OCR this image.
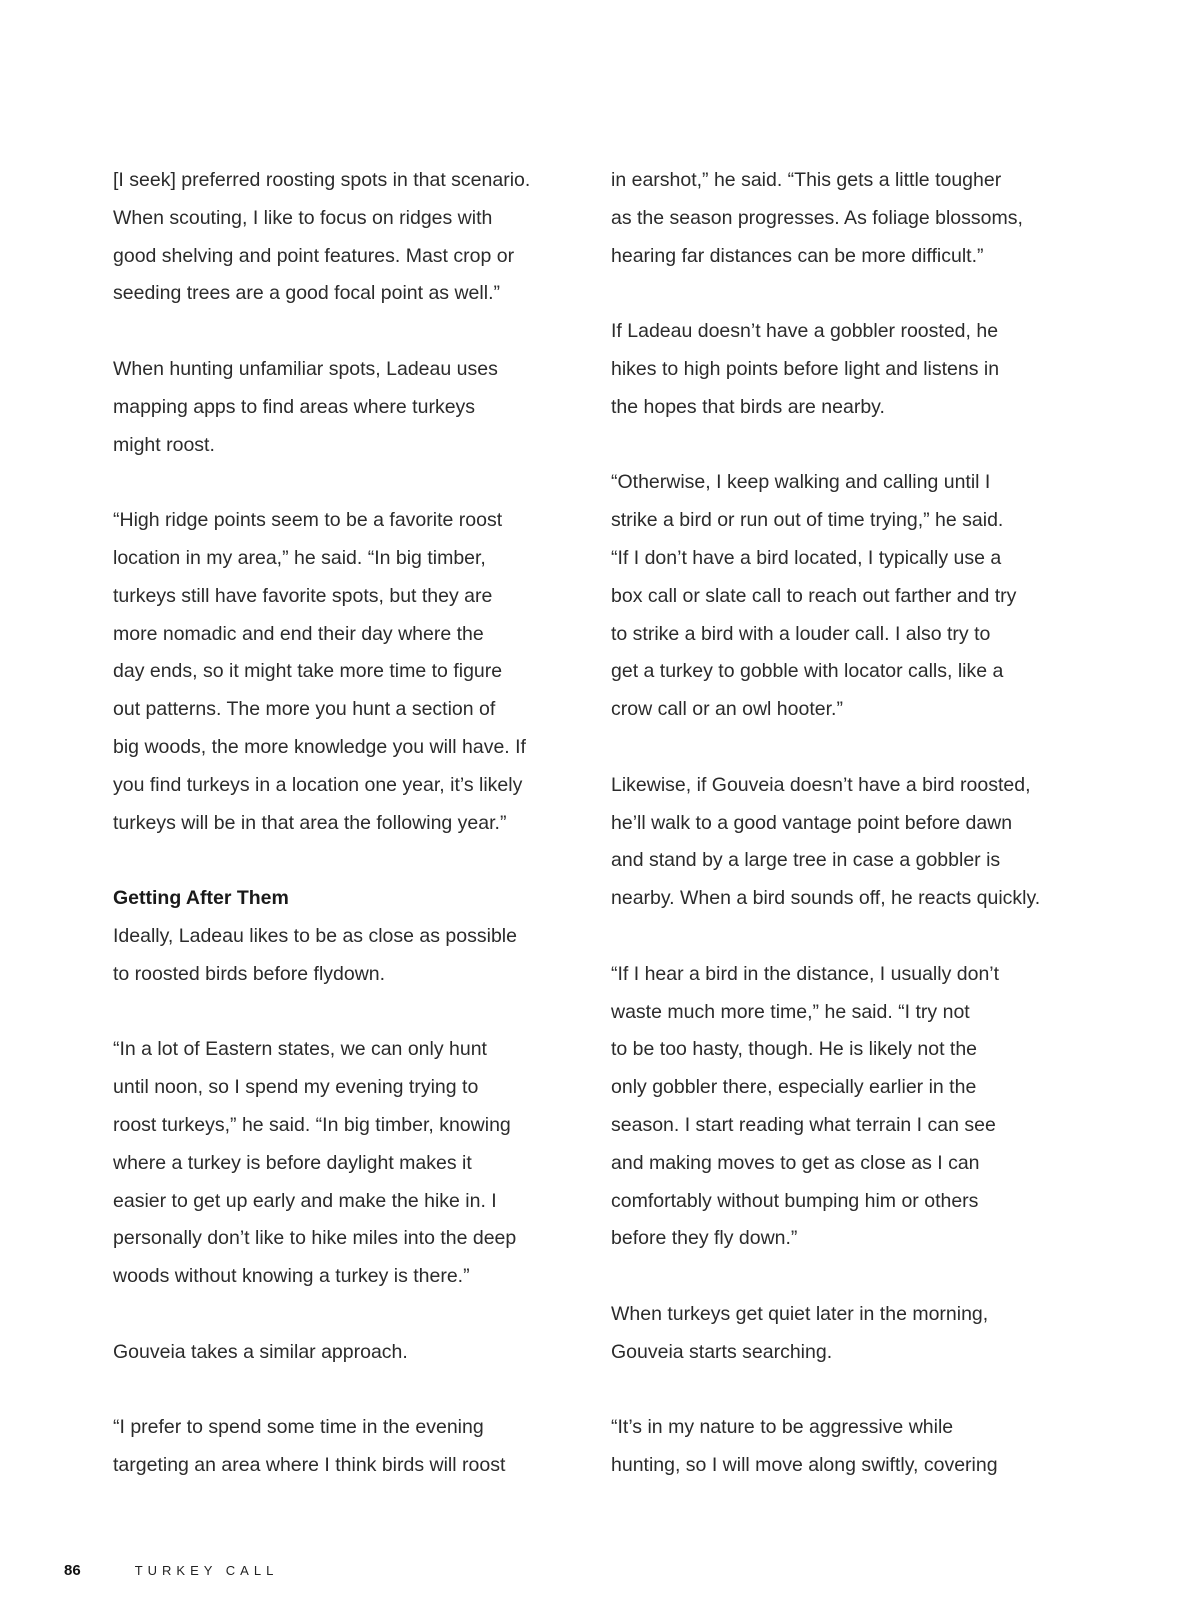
[I seek] preferred roosting spots in that scenario.
When scouting, I like to focus on ridges with
good shelving and point features. Mast crop or
seeding trees are a good focal point as well.”
When hunting unfamiliar spots, Ladeau uses
mapping apps to find areas where turkeys
might roost.
“High ridge points seem to be a favorite roost
location in my area,” he said. “In big timber,
turkeys still have favorite spots, but they are
more nomadic and end their day where the
day ends, so it might take more time to figure
out patterns. The more you hunt a section of
big woods, the more knowledge you will have. If
you find turkeys in a location one year, it’s likely
turkeys will be in that area the following year.”
Getting After Them
Ideally, Ladeau likes to be as close as possible
to roosted birds before flydown.
“In a lot of Eastern states, we can only hunt
until noon, so I spend my evening trying to
roost turkeys,” he said. “In big timber, knowing
where a turkey is before daylight makes it
easier to get up early and make the hike in. I
personally don’t like to hike miles into the deep
woods without knowing a turkey is there.”
Gouveia takes a similar approach.
“I prefer to spend some time in the evening
targeting an area where I think birds will roost
in earshot,” he said. “This gets a little tougher
as the season progresses. As foliage blossoms,
hearing far distances can be more difficult.”
If Ladeau doesn’t have a gobbler roosted, he
hikes to high points before light and listens in
the hopes that birds are nearby.
“Otherwise, I keep walking and calling until I
strike a bird or run out of time trying,” he said.
“If I don’t have a bird located, I typically use a
box call or slate call to reach out farther and try
to strike a bird with a louder call. I also try to
get a turkey to gobble with locator calls, like a
crow call or an owl hooter.”
Likewise, if Gouveia doesn’t have a bird roosted,
he’ll walk to a good vantage point before dawn
and stand by a large tree in case a gobbler is
nearby. When a bird sounds off, he reacts quickly.
“If I hear a bird in the distance, I usually don’t
waste much more time,” he said. “I try not
to be too hasty, though. He is likely not the
only gobbler there, especially earlier in the
season. I start reading what terrain I can see
and making moves to get as close as I can
comfortably without bumping him or others
before they fly down.”
When turkeys get quiet later in the morning,
Gouveia starts searching.
“It’s in my nature to be aggressive while
hunting, so I will move along swiftly, covering
86	TURKEY CALL
